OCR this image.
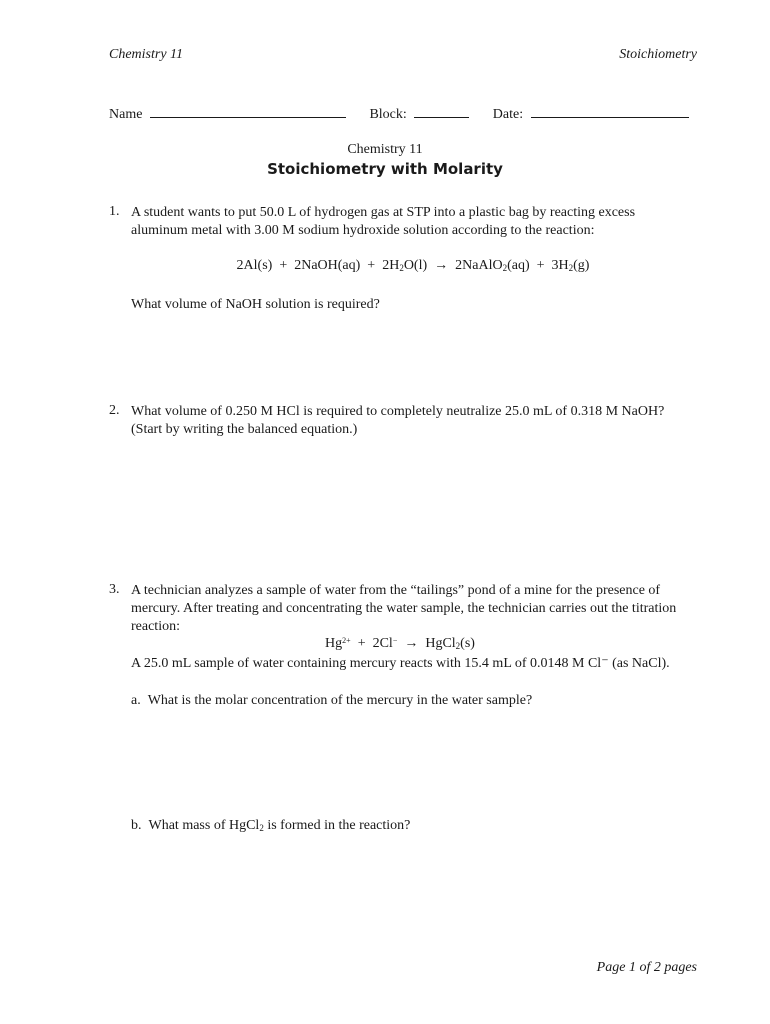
Chemistry 11	Stoichiometry
Name	Block:	Date:
Chemistry 11
Stoichiometry with Molarity
1. A student wants to put 50.0 L of hydrogen gas at STP into a plastic bag by reacting excess aluminum metal with 3.00 M sodium hydroxide solution according to the reaction:
2Al(s)  +  2NaOH(aq)  +  $2H_2O(l)$  →  2NaAlO$_2$(aq)  +  $3H_2(g)$
What volume of NaOH solution is required?
2. What volume of 0.250 M HCl is required to completely neutralize 25.0 mL of 0.318 M NaOH? (Start by writing the balanced equation.)
3. A technician analyzes a sample of water from the “tailings” pond of a mine for the presence of mercury. After treating and concentrating the water sample, the technician carries out the titration reaction:
$Hg^{2+} + 2Cl^-$  →  HgCl$_2$(s)
A 25.0 mL sample of water containing mercury reacts with 15.4 mL of 0.0148 M Cl⁻ (as NaCl).
a. What is the molar concentration of the mercury in the water sample?
b. What mass of HgCl$_2$ is formed in the reaction?
Page 1 of 2 pages
